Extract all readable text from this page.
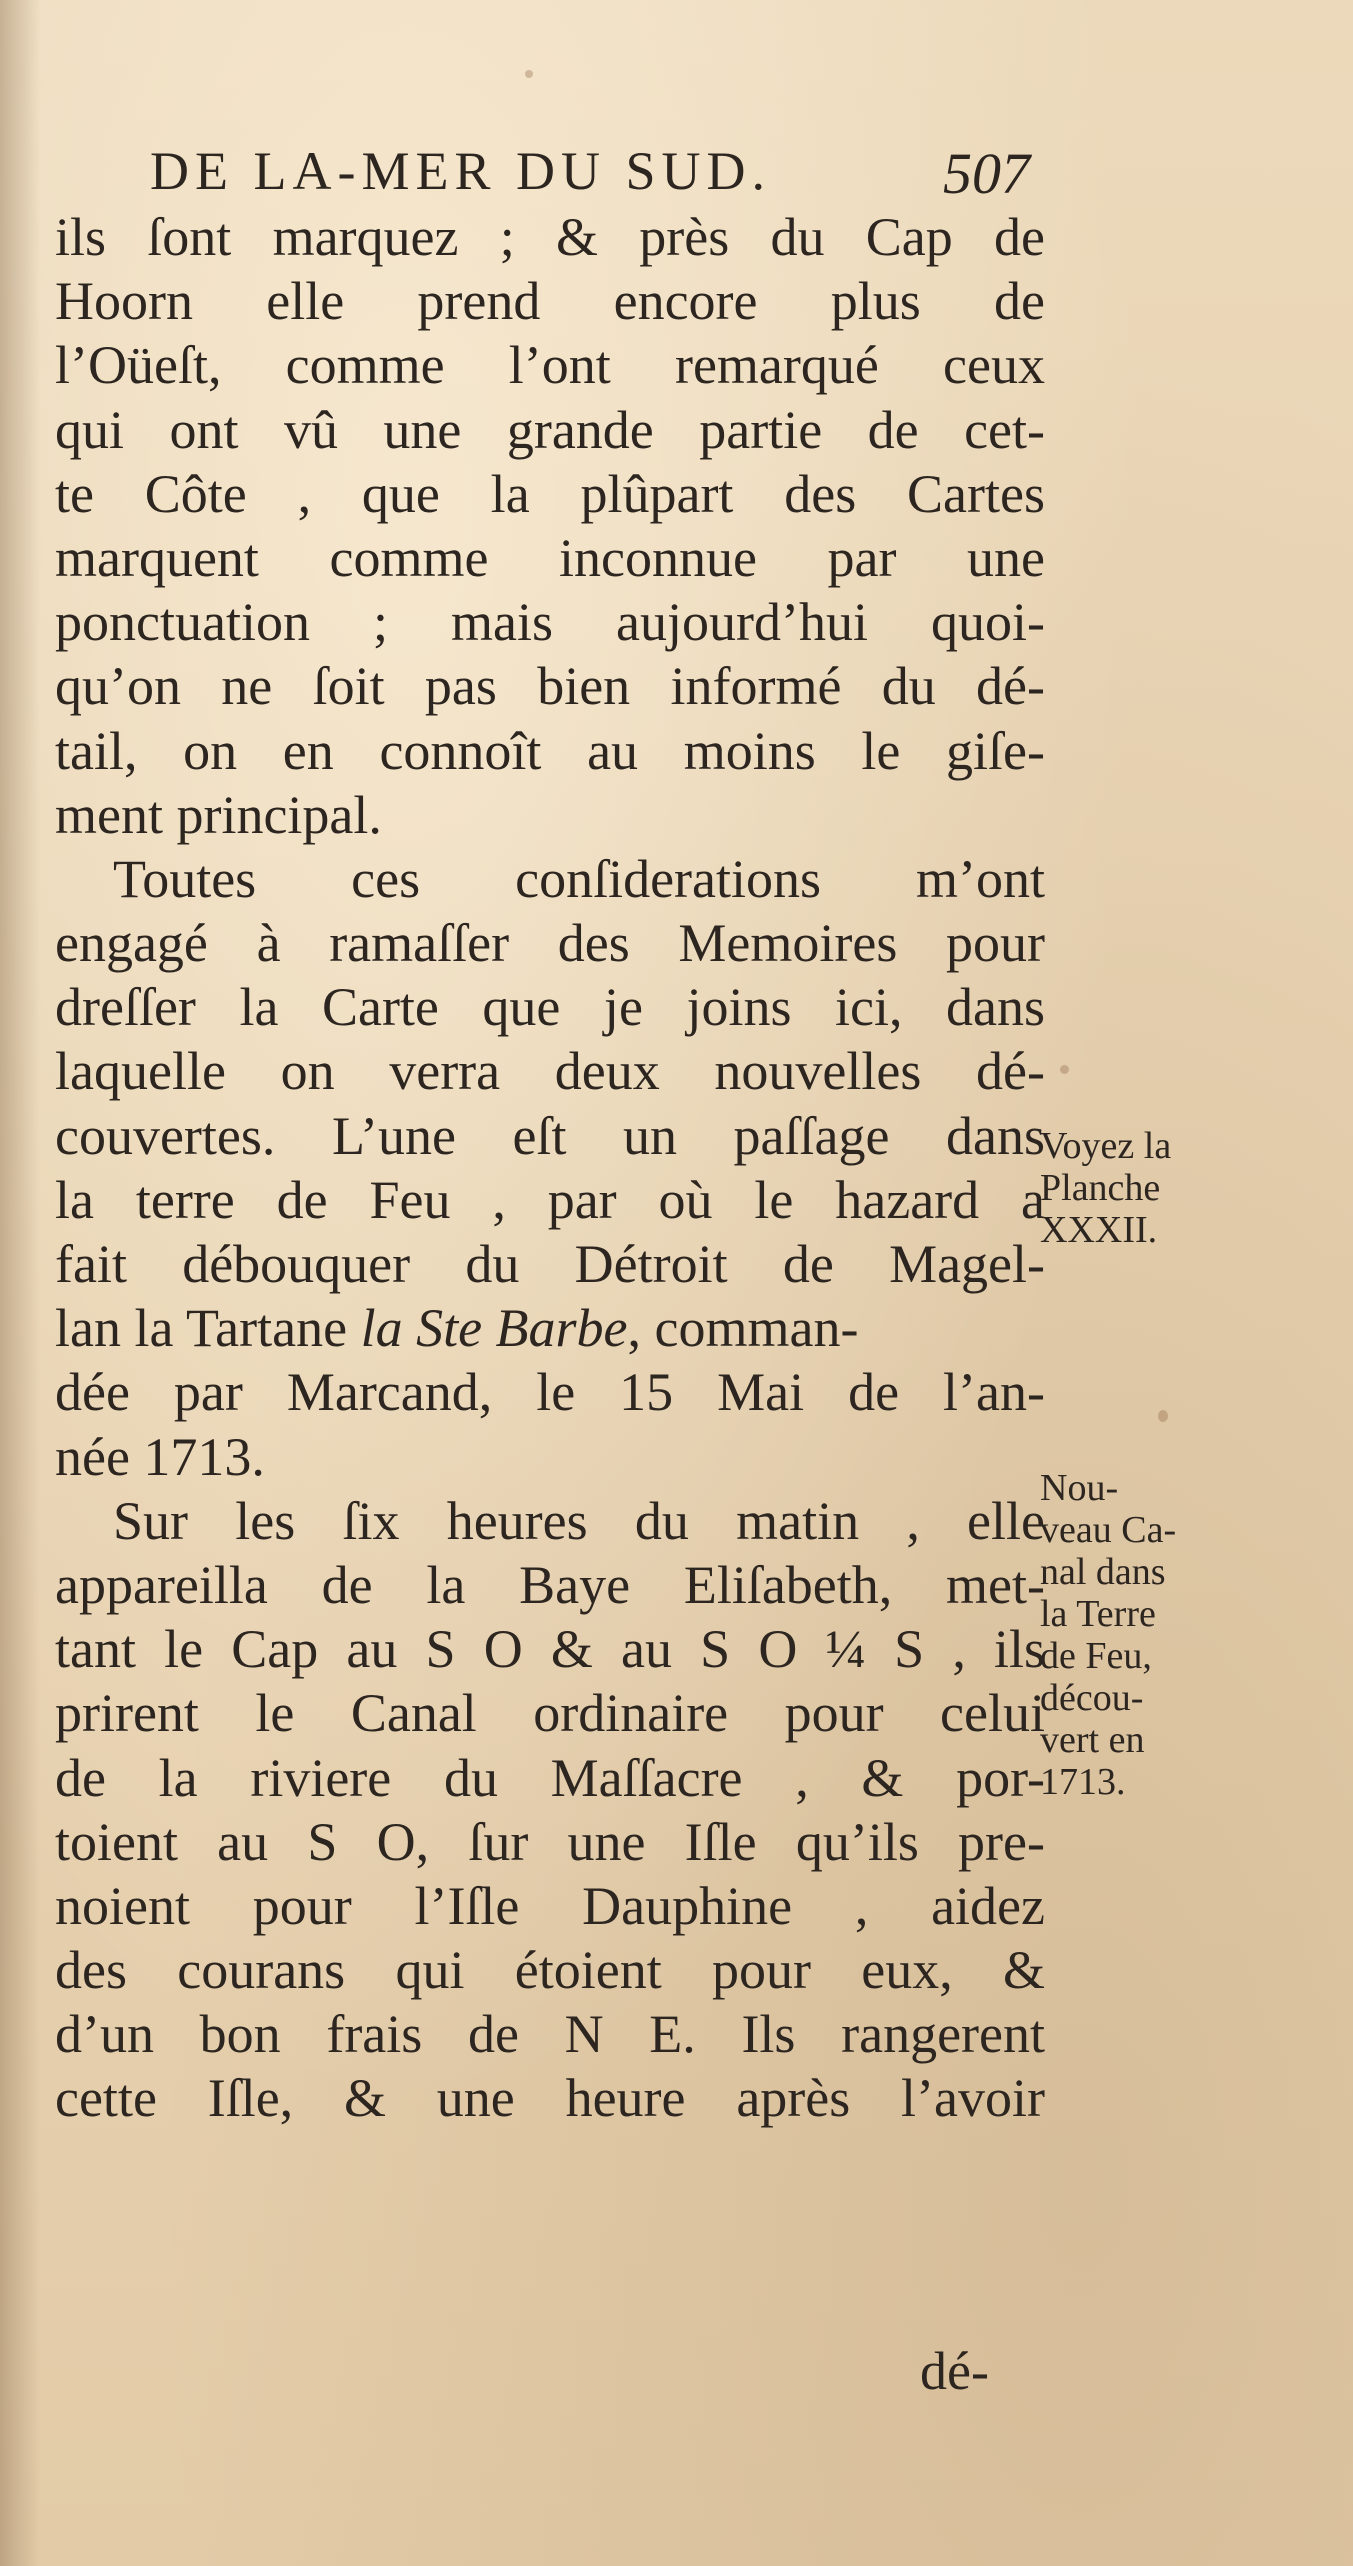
DE LA-MER DU SUD.	507
ils ſont marquez ; & près du Cap de
Hoorn elle prend encore plus de
l’Oüeſt, comme l’ont remarqué ceux
qui ont vû une grande partie de cet-
te Côte , que la plûpart des Cartes
marquent comme inconnue par une
ponctuation ; mais aujourd’hui quoi-
qu’on ne ſoit pas bien informé du dé-
tail, on en connoît au moins le giſe-
ment principal.
Toutes ces conſiderations m’ont
engagé à ramaſſer des Memoires pour
dreſſer la Carte que je joins ici, dans
laquelle on verra deux nouvelles dé-
couvertes. L’une eſt un paſſage dans
la terre de Feu , par où le hazard a
fait débouquer du Détroit de Magel-
lan la Tartane la Ste Barbe, comman-
dée par Marcand, le 15 Mai de l’an-
née 1713.
Sur les ſix heures du matin , elle
appareilla de la Baye Eliſabeth, met-
tant le Cap au S O & au S O ¼ S , ils
prirent le Canal ordinaire pour celui
de la riviere du Maſſacre , & por-
toient au S O, ſur une Iſle qu’ils pre-
noient pour l’Iſle Dauphine , aidez
des courans qui étoient pour eux, &
d’un bon frais de N E. Ils rangerent
cette Iſle, & une heure après l’avoir
Voyez la
Planche
XXXII.
Nou-
veau Ca-
nal dans
la Terre
de Feu,
décou-
vert en
1713.
dé-
